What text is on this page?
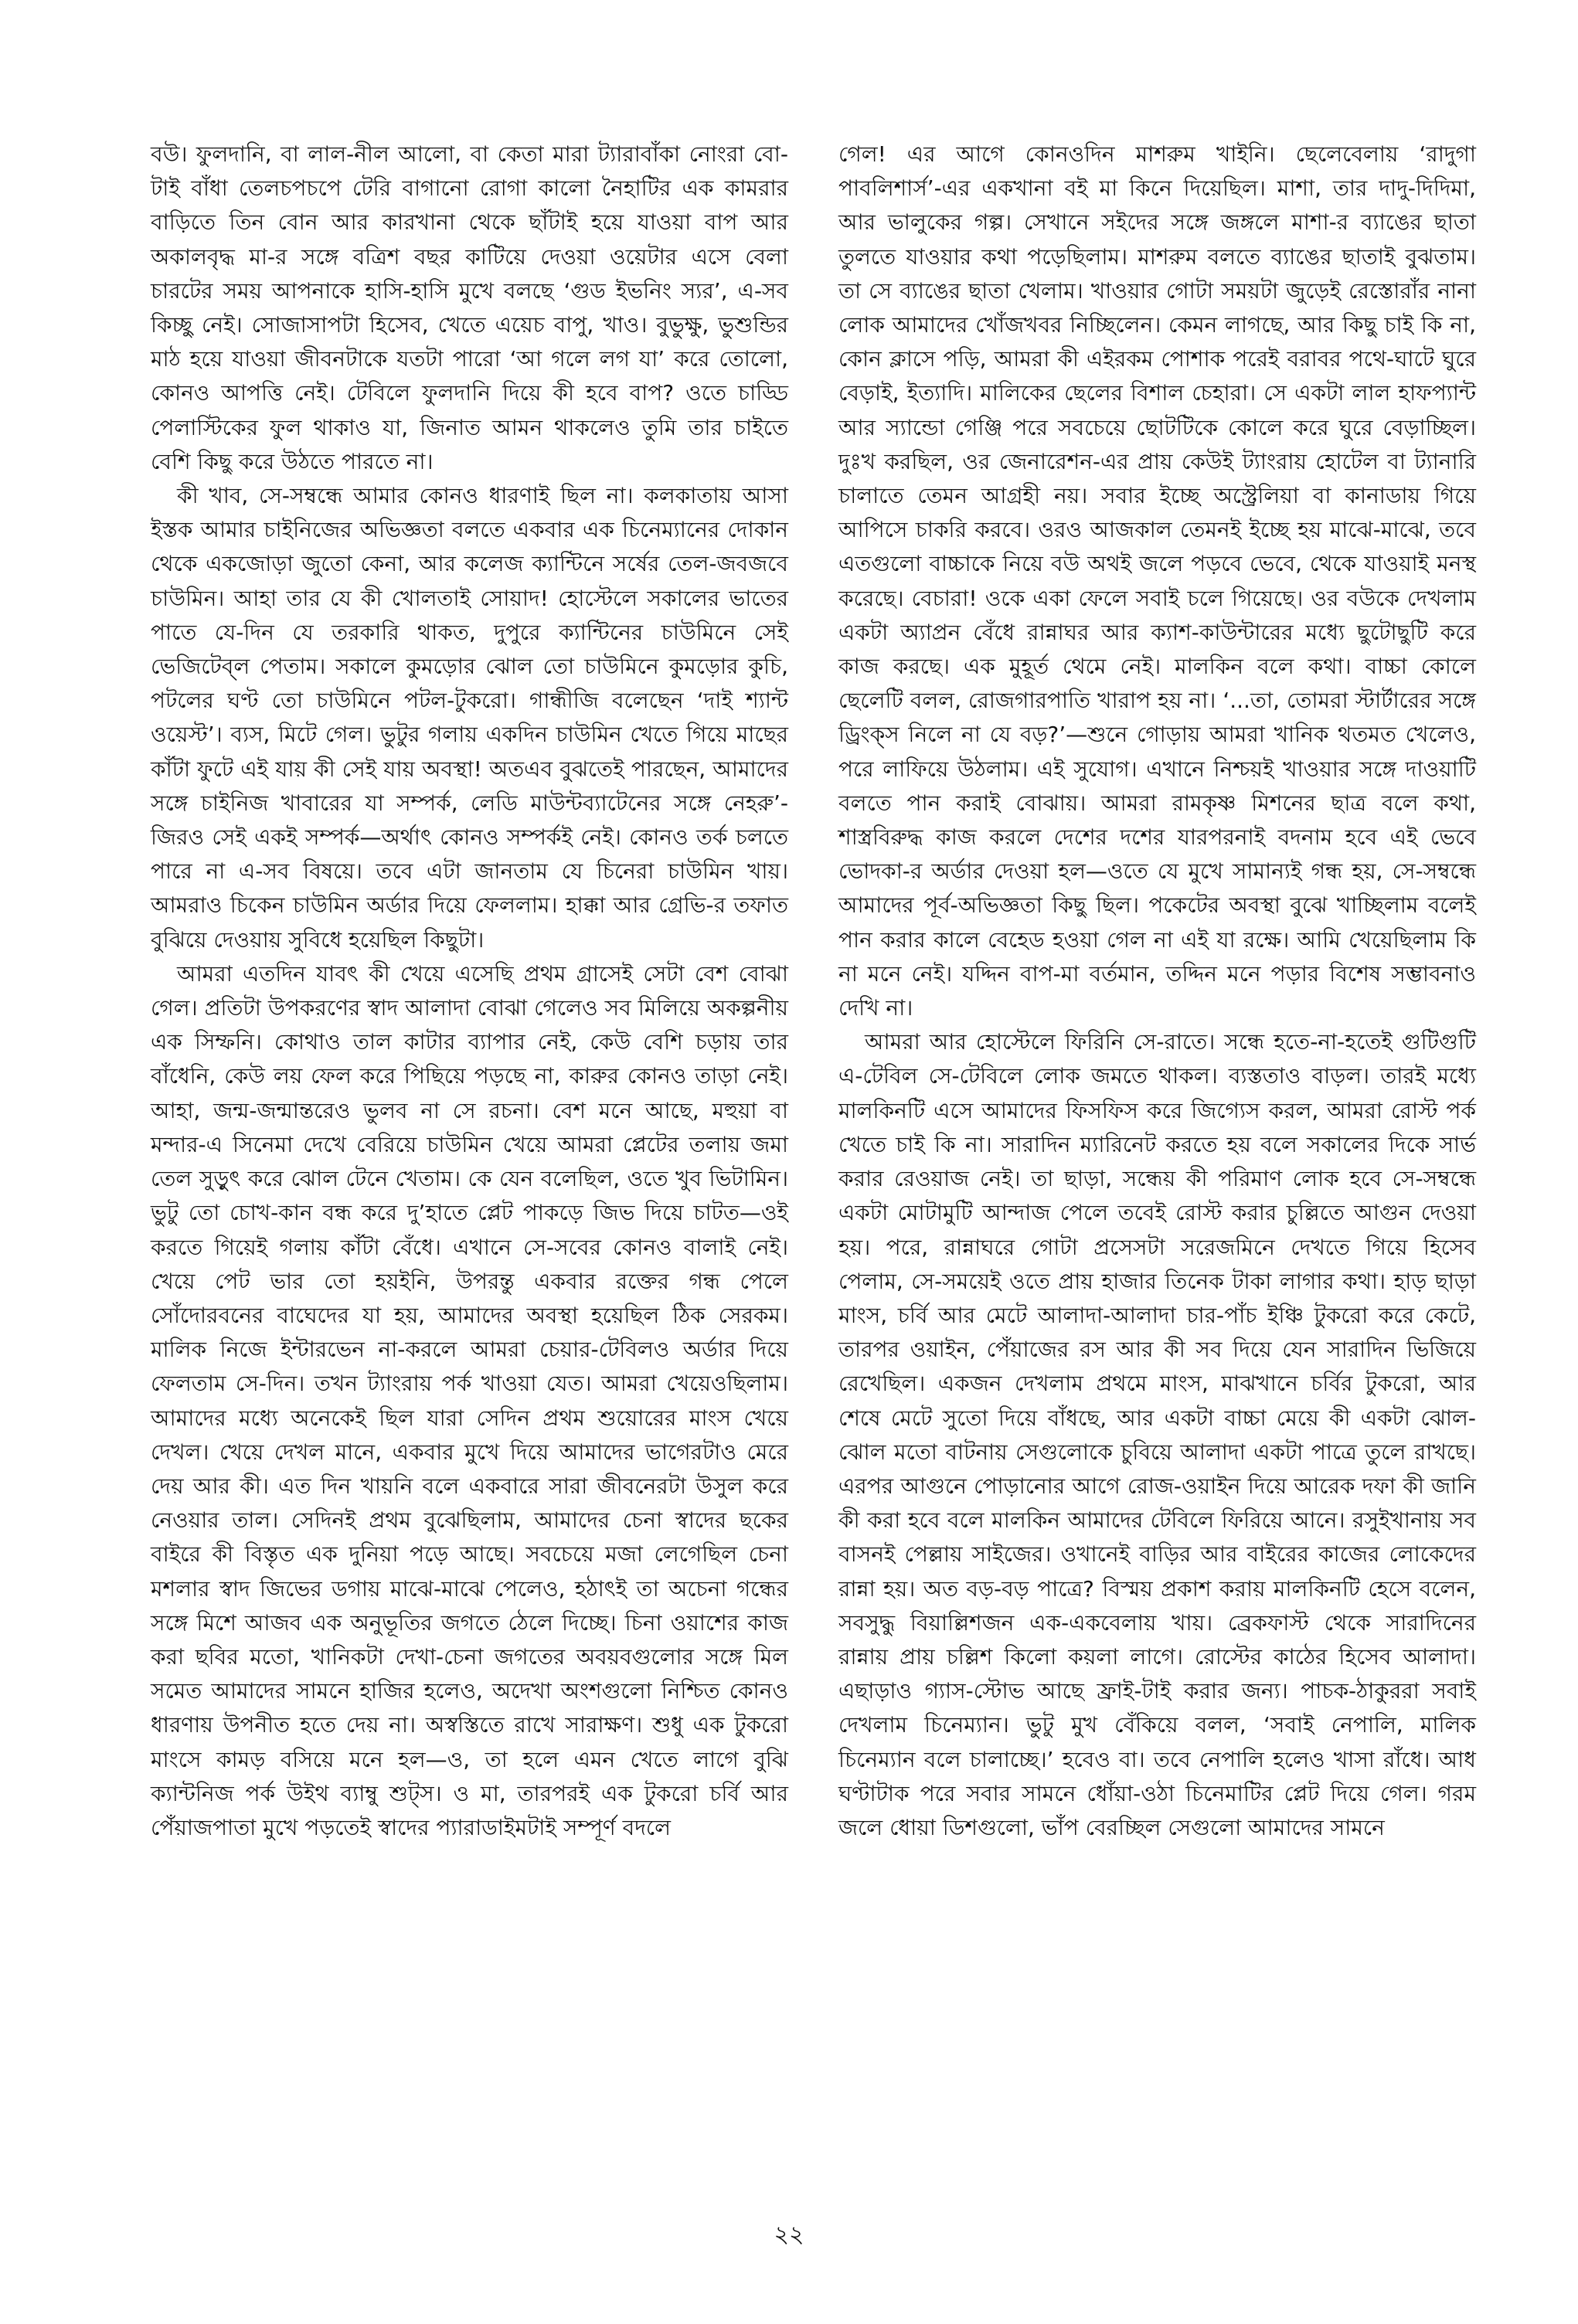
বউ। ফুলদানি, বা লাল-নীল আলো, বা কেতা মারা ট্যারাবাঁকা নোংরা বো-টাই বাঁধা তেলচপচপে টেরি বাগানো রোগা কালো নৈহাটির এক কামরার বাড়িতে তিন বোন আর কারখানা থেকে ছাঁটাই হয়ে যাওয়া বাপ আর অকালবৃদ্ধ মা-র সঙ্গে বত্রিশ বছর কাটিয়ে দেওয়া ওয়েটার এসে বেলা চারটের সময় আপনাকে হাসি-হাসি মুখে বলছে ‘গুড ইভনিং স্যর’, এ-সব কিচ্ছু নেই। সোজাসাপটা হিসেব, খেতে এয়েচ বাপু, খাও। বুভুক্ষু, ভুশুন্ডির মাঠ হয়ে যাওয়া জীবনটাকে যতটা পারো ‘আ গলে লগ যা’ করে তোলো, কোনও আপত্তি নেই। টেবিলে ফুলদানি দিয়ে কী হবে বাপ? ওতে চাড্ডি পেলাস্টিকের ফুল থাকাও যা, জিনাত আমন থাকলেও তুমি তার চাইতে বেশি কিছু করে উঠতে পারতে না।

কী খাব, সে-সম্বন্ধে আমার কোনও ধারণাই ছিল না। কলকাতায় আসা ইস্তক আমার চাইনিজের অভিজ্ঞতা বলতে একবার এক চিনেম্যানের দোকান থেকে একজোড়া জুতো কেনা, আর কলেজ ক্যান্টিনে সর্ষের তেল-জবজবে চাউমিন। আহা তার যে কী খোলতাই সোয়াদ! হোস্টেলে সকালের ভাতের পাতে যে-দিন যে তরকারি থাকত, দুপুরে ক্যান্টিনের চাউমিনে সেই ভেজিটেব্‌ল পেতাম। সকালে কুমড়োর ঝোল তো চাউমিনে কুমড়োর কুচি, পটলের ঘণ্ট তো চাউমিনে পটল-টুকরো। গান্ধীজি বলেছেন ‘দাই শ্যান্ট ওয়েস্ট’। ব্যস, মিটে গেল। ভুটুর গলায় একদিন চাউমিন খেতে গিয়ে মাছের কাঁটা ফুটে এই যায় কী সেই যায় অবস্থা! অতএব বুঝতেই পারছেন, আমাদের সঙ্গে চাইনিজ খাবারের যা সম্পর্ক, লেডি মাউন্টব্যাটেনের সঙ্গে নেহরু’-জিরও সেই একই সম্পর্ক—অর্থাৎ কোনও সম্পর্কই নেই। কোনও তর্ক চলতে পারে না এ-সব বিষয়ে। তবে এটা জানতাম যে চিনেরা চাউমিন খায়। আমরাও চিকেন চাউমিন অর্ডার দিয়ে ফেললাম। হাক্কা আর গ্রেভি-র তফাত বুঝিয়ে দেওয়ায় সুবিধে হয়েছিল কিছুটা।

আমরা এতদিন যাবৎ কী খেয়ে এসেছি প্রথম গ্রাসেই সেটা বেশ বোঝা গেল। প্রতিটা উপকরণের স্বাদ আলাদা বোঝা গেলেও সব মিলিয়ে অকল্পনীয় এক সিম্ফনি। কোথাও তাল কাটার ব্যাপার নেই, কেউ বেশি চড়ায় তার বাঁধেনি, কেউ লয় ফেল করে পিছিয়ে পড়ছে না, কারুর কোনও তাড়া নেই। আহা, জন্ম-জন্মান্তরেও ভুলব না সে রচনা। বেশ মনে আছে, মহুয়া বা মন্দার-এ সিনেমা দেখে বেরিয়ে চাউমিন খেয়ে আমরা প্লেটের তলায় জমা তেল সুড়ুৎ করে ঝোল টেনে খেতাম। কে যেন বলেছিল, ওতে খুব ভিটামিন। ভুটু তো চোখ-কান বন্ধ করে দু’হাতে প্লেট পাকড়ে জিভ দিয়ে চাটত—ওই করতে গিয়েই গলায় কাঁটা বেঁধে। এখানে সে-সবের কোনও বালাই নেই। খেয়ে পেট ভার তো হয়ইনি, উপরন্তু একবার রক্তের গন্ধ পেলে সোঁদোরবনের বাঘেদের যা হয়, আমাদের অবস্থা হয়েছিল ঠিক সেরকম। মালিক নিজে ইন্টারভেন না-করলে আমরা চেয়ার-টেবিলও অর্ডার দিয়ে ফেলতাম সে-দিন। তখন ট্যাংরায় পর্ক খাওয়া যেত। আমরা খেয়েওছিলাম। আমাদের মধ্যে অনেকেই ছিল যারা সেদিন প্রথম শুয়োরের মাংস খেয়ে দেখল। খেয়ে দেখল মানে, একবার মুখে দিয়ে আমাদের ভাগেরটাও মেরে দেয় আর কী। এত দিন খায়নি বলে একবারে সারা জীবনেরটা উসুল করে নেওয়ার তাল। সেদিনই প্রথম বুঝেছিলাম, আমাদের চেনা স্বাদের ছকের বাইরে কী বিস্তৃত এক দুনিয়া পড়ে আছে। সবচেয়ে মজা লেগেছিল চেনা মশলার স্বাদ জিভের ডগায় মাঝে-মাঝে পেলেও, হঠাৎই তা অচেনা গন্ধের সঙ্গে মিশে আজব এক অনুভূতির জগতে ঠেলে দিচ্ছে। চিনা ওয়াশের কাজ করা ছবির মতো, খানিকটা দেখা-চেনা জগতের অবয়বগুলোর সঙ্গে মিল সমেত আমাদের সামনে হাজির হলেও, অদেখা অংশগুলো নিশ্চিত কোনও ধারণায় উপনীত হতে দেয় না। অস্বস্তিতে রাখে সারাক্ষণ। শুধু এক টুকরো মাংসে কামড় বসিয়ে মনে হল—ও, তা হলে এমন খেতে লাগে বুঝি ক্যান্টনিজ পর্ক উইথ ব্যাম্বু শুট্‌স। ও মা, তারপরই এক টুকরো চর্বি আর পেঁয়াজপাতা মুখে পড়তেই স্বাদের প্যারাডাইমটাই সম্পূর্ণ বদলে

গেল! এর আগে কোনওদিন মাশরুম খাইনি। ছেলেবেলায় ‘রাদুগা পাবলিশার্স’-এর একখানা বই মা কিনে দিয়েছিল। মাশা, তার দাদু-দিদিমা, আর ভালুকের গল্প। সেখানে সইদের সঙ্গে জঙ্গলে মাশা-র ব্যাঙের ছাতা তুলতে যাওয়ার কথা পড়েছিলাম। মাশরুম বলতে ব্যাঙের ছাতাই বুঝতাম। তা সে ব্যাঙের ছাতা খেলাম। খাওয়ার গোটা সময়টা জুড়েই রেস্তোরাঁর নানা লোক আমাদের খোঁজখবর নিচ্ছিলেন। কেমন লাগছে, আর কিছু চাই কি না, কোন ক্লাসে পড়ি, আমরা কী এইরকম পোশাক পরেই বরাবর পথে-ঘাটে ঘুরে বেড়াই, ইত্যাদি। মালিকের ছেলের বিশাল চেহারা। সে একটা লাল হাফপ্যান্ট আর স্যান্ডো গেঞ্জি পরে সবচেয়ে ছোটটিকে কোলে করে ঘুরে বেড়াচ্ছিল। দুঃখ করছিল, ওর জেনারেশন-এর প্রায় কেউই ট্যাংরায় হোটেল বা ট্যানারি চালাতে তেমন আগ্রহী নয়। সবার ইচ্ছে অস্ট্রেলিয়া বা কানাডায় গিয়ে আপিসে চাকরি করবে। ওরও আজকাল তেমনই ইচ্ছে হয় মাঝে-মাঝে, তবে এতগুলো বাচ্চাকে নিয়ে বউ অথই জলে পড়বে ভেবে, থেকে যাওয়াই মনস্থ করেছে। বেচারা! ওকে একা ফেলে সবাই চলে গিয়েছে। ওর বউকে দেখলাম একটা অ্যাপ্রন বেঁধে রান্নাঘর আর ক্যাশ-কাউন্টারের মধ্যে ছুটোছুটি করে কাজ করছে। এক মুহূর্ত থেমে নেই। মালকিন বলে কথা। বাচ্চা কোলে ছেলেটি বলল, রোজগারপাতি খারাপ হয় না। ‘...তা, তোমরা স্টার্টারের সঙ্গে ড্রিংক্‌স নিলে না যে বড়?’—শুনে গোড়ায় আমরা খানিক থতমত খেলেও, পরে লাফিয়ে উঠলাম। এই সুযোগ। এখানে নিশ্চয়ই খাওয়ার সঙ্গে দাওয়াটি বলতে পান করাই বোঝায়। আমরা রামকৃষ্ণ মিশনের ছাত্র বলে কথা, শাস্ত্রবিরুদ্ধ কাজ করলে দেশের দশের যারপরনাই বদনাম হবে এই ভেবে ভোদকা-র অর্ডার দেওয়া হল—ওতে যে মুখে সামান্যই গন্ধ হয়, সে-সম্বন্ধে আমাদের পূর্ব-অভিজ্ঞতা কিছু ছিল। পকেটের অবস্থা বুঝে খাচ্ছিলাম বলেই পান করার কালে বেহেড হওয়া গেল না এই যা রক্ষে। আমি খেয়েছিলাম কি না মনে নেই। যদ্দিন বাপ-মা বর্তমান, তদ্দিন মনে পড়ার বিশেষ সম্ভাবনাও দেখি না।

আমরা আর হোস্টেলে ফিরিনি সে-রাতে। সন্ধে হতে-না-হতেই গুটিগুটি এ-টেবিল সে-টেবিলে লোক জমতে থাকল। ব্যস্ততাও বাড়ল। তারই মধ্যে মালকিনটি এসে আমাদের ফিসফিস করে জিগ্যেস করল, আমরা রোস্ট পর্ক খেতে চাই কি না। সারাদিন ম্যারিনেট করতে হয় বলে সকালের দিকে সার্ভ করার রেওয়াজ নেই। তা ছাড়া, সন্ধেয় কী পরিমাণ লোক হবে সে-সম্বন্ধে একটা মোটামুটি আন্দাজ পেলে তবেই রোস্ট করার চুল্লিতে আগুন দেওয়া হয়। পরে, রান্নাঘরে গোটা প্রসেসটা সরেজমিনে দেখতে গিয়ে হিসেব পেলাম, সে-সময়েই ওতে প্রায় হাজার তিনেক টাকা লাগার কথা। হাড় ছাড়া মাংস, চর্বি আর মেটে আলাদা-আলাদা চার-পাঁচ ইঞ্চি টুকরো করে কেটে, তারপর ওয়াইন, পেঁয়াজের রস আর কী সব দিয়ে যেন সারাদিন ভিজিয়ে রেখেছিল। একজন দেখলাম প্রথমে মাংস, মাঝখানে চর্বির টুকরো, আর শেষে মেটে সুতো দিয়ে বাঁধছে, আর একটা বাচ্চা মেয়ে কী একটা ঝোল-ঝোল মতো বাটনায় সেগুলোকে চুবিয়ে আলাদা একটা পাত্রে তুলে রাখছে। এরপর আগুনে পোড়ানোর আগে রোজ-ওয়াইন দিয়ে আরেক দফা কী জানি কী করা হবে বলে মালকিন আমাদের টেবিলে ফিরিয়ে আনে। রসুইখানায় সব বাসনই পেল্লায় সাইজের। ওখানেই বাড়ির আর বাইরের কাজের লোকেদের রান্না হয়। অত বড়-বড় পাত্রে? বিস্ময় প্রকাশ করায় মালকিনটি হেসে বলেন, সবসুদ্ধু বিয়াল্লিশজন এক-একবেলায় খায়। ব্রেকফাস্ট থেকে সারাদিনের রান্নায় প্রায় চল্লিশ কিলো কয়লা লাগে। রোস্টের কাঠের হিসেব আলাদা। এছাড়াও গ্যাস-স্টোভ আছে ফ্রাই-টাই করার জন্য। পাচক-ঠাকুররা সবাই দেখলাম চিনেম্যান। ভুটু মুখ বেঁকিয়ে বলল, ‘সবাই নেপালি, মালিক চিনেম্যান বলে চালাচ্ছে।’ হবেও বা। তবে নেপালি হলেও খাসা রাঁধে। আধ ঘণ্টাটাক পরে সবার সামনে ধোঁয়া-ওঠা চিনেমাটির প্লেট দিয়ে গেল। গরম জলে ধোয়া ডিশগুলো, ভাঁপ বেরচ্ছিল সেগুলো আমাদের সামনে

২২
